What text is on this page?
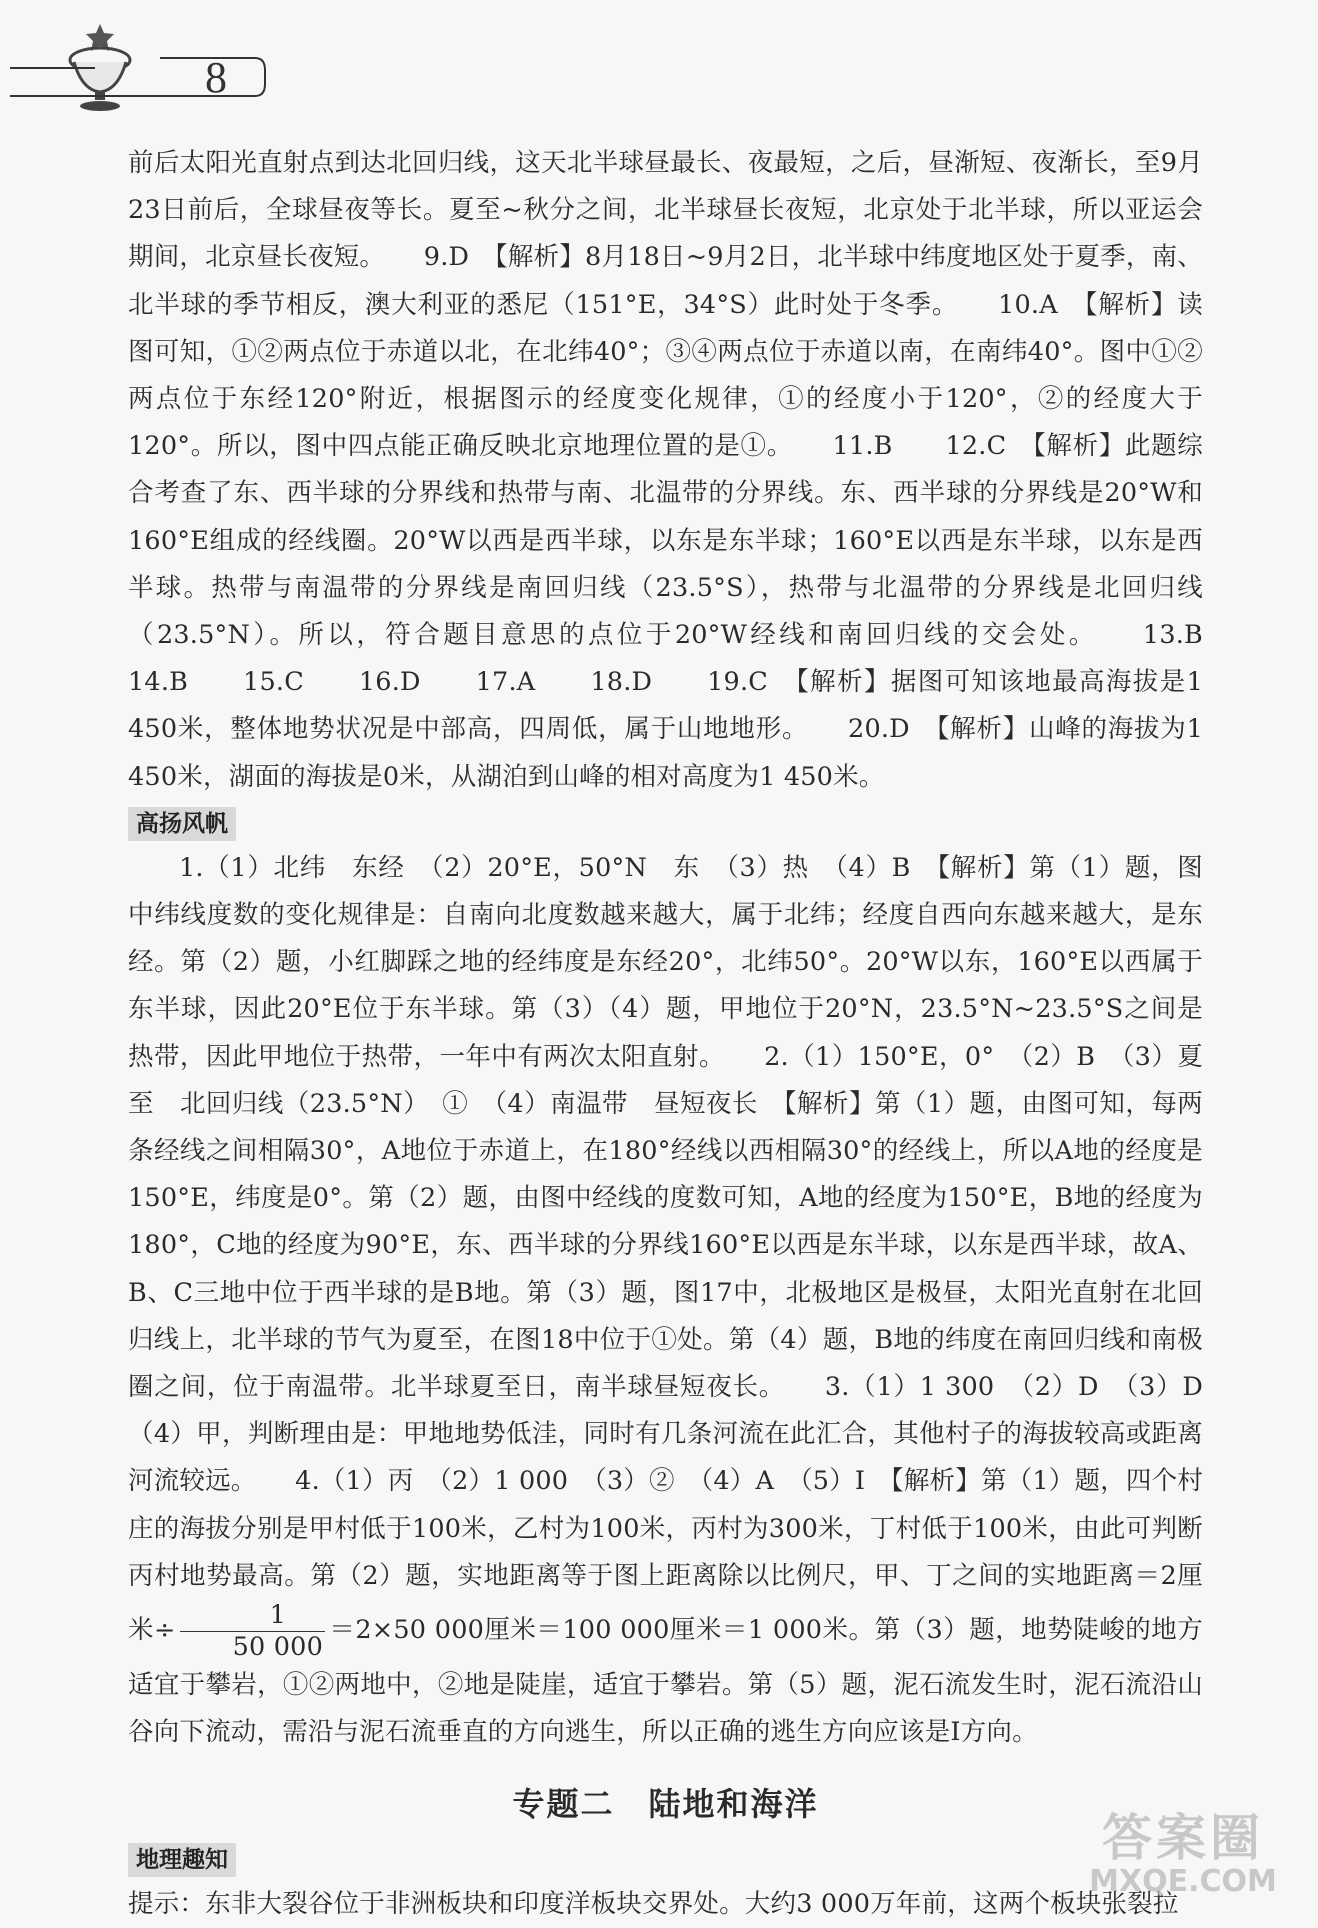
8

前后太阳光直射点到达北回归线，这天北半球昼最长、夜最短，之后，昼渐短、夜渐长，至9月23日前后，全球昼夜等长。夏至~秋分之间，北半球昼长夜短，北京处于北半球，所以亚运会期间，北京昼长夜短。　　9.D　【解析】8月18日~9月2日，北半球中纬度地区处于夏季，南、北半球的季节相反，澳大利亚的悉尼（151°E，34°S）此时处于冬季。　　10.A　【解析】读图可知，①②两点位于赤道以北，在北纬40°；③④两点位于赤道以南，在南纬40°。图中①②两点位于东经120°附近，根据图示的经度变化规律，①的经度小于120°，②的经度大于120°。所以，图中四点能正确反映北京地理位置的是①。　　11.B　　12.C　【解析】此题综合考查了东、西半球的分界线和热带与南、北温带的分界线。东、西半球的分界线是20°W和160°E组成的经线圈。20°W以西是西半球，以东是东半球；160°E以西是东半球，以东是西半球。热带与南温带的分界线是南回归线（23.5°S），热带与北温带的分界线是北回归线（23.5°N）。所以，符合题目意思的点位于20°W经线和南回归线的交会处。　　13.B　　14.B　　15.C　　16.D　　17.A　　18.D　　19.C　【解析】据图可知该地最高海拔是1 450米，整体地势状况是中部高，四周低，属于山地地形。　　20.D　【解析】山峰的海拔为1 450米，湖面的海拔是0米，从湖泊到山峰的相对高度为1 450米。

高扬风帆

1.（1）北纬　东经　（2）20°E，50°N　东　（3）热　（4）B　【解析】第（1）题，图中纬线度数的变化规律是：自南向北度数越来越大，属于北纬；经度自西向东越来越大，是东经。第（2）题，小红脚踩之地的经纬度是东经20°，北纬50°。20°W以东，160°E以西属于东半球，因此20°E位于东半球。第（3）（4）题，甲地位于20°N，23.5°N~23.5°S之间是热带，因此甲地位于热带，一年中有两次太阳直射。　　2.（1）150°E，0°　（2）B　（3）夏至　北回归线（23.5°N）　①　（4）南温带　昼短夜长　【解析】第（1）题，由图可知，每两条经线之间相隔30°，A地位于赤道上，在180°经线以西相隔30°的经线上，所以A地的经度是150°E，纬度是0°。第（2）题，由图中经线的度数可知，A地的经度为150°E，B地的经度为180°，C地的经度为90°E，东、西半球的分界线160°E以西是东半球，以东是西半球，故A、B、C三地中位于西半球的是B地。第（3）题，图17中，北极地区是极昼，太阳光直射在北回归线上，北半球的节气为夏至，在图18中位于①处。第（4）题，B地的纬度在南回归线和南极圈之间，位于南温带。北半球夏至日，南半球昼短夜长。　　3.（1）1 300　（2）D　（3）D　（4）甲，判断理由是：甲地地势低洼，同时有几条河流在此汇合，其他村子的海拔较高或距离河流较远。　　4.（1）丙　（2）1 000　（3）②　（4）A　（5）Ⅰ　【解析】第（1）题，四个村庄的海拔分别是甲村低于100米，乙村为100米，丙村为300米，丁村低于100米，由此可判断丙村地势最高。第（2）题，实地距离等于图上距离除以比例尺，甲、丁之间的实地距离＝2厘米÷ $\frac{1}{50 000} =2\times 50$ 000厘米＝100 000厘米＝1 000米。第（3）题，地势陡峻的地方适宜于攀岩，①②两地中，②地是陡崖，适宜于攀岩。第（5）题，泥石流发生时，泥石流沿山谷向下流动，需沿与泥石流垂直的方向逃生，所以正确的逃生方向应该是Ⅰ方向。

专题二　陆地和海洋
地理趣知

提示：东非大裂谷位于非洲板块和印度洋板块交界处。大约3 000万年前，这两个板块张裂拉

答案圈
MXQE.COM
